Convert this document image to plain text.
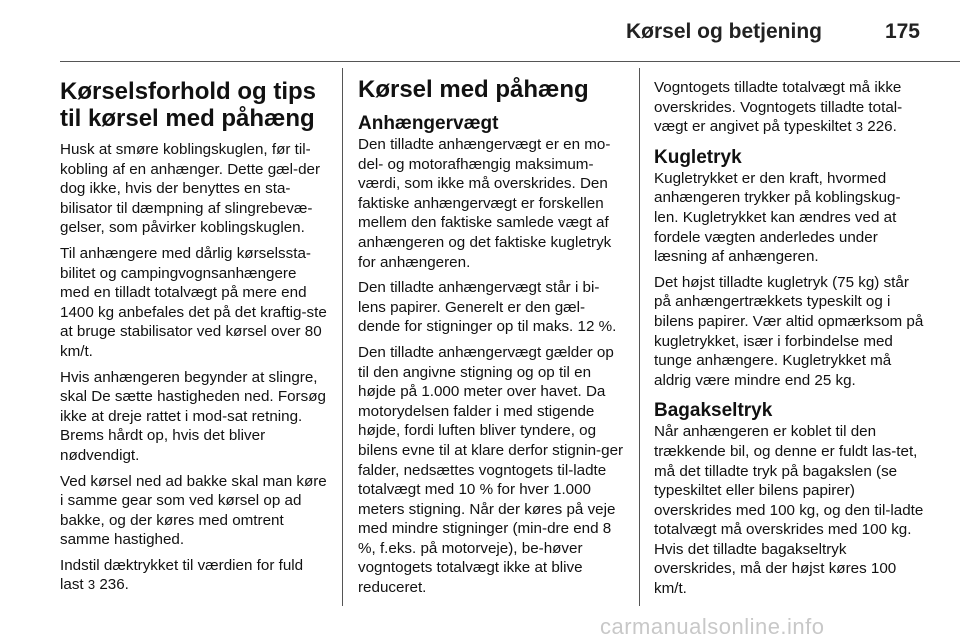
Kørsel og betjening	175
Kørselsforhold og tips til kørsel med påhæng

Husk at smøre koblingskuglen, før til-kobling af en anhænger. Dette gæl-der dog ikke, hvis der benyttes en sta-bilisator til dæmpning af slingrebevæ-gelser, som påvirker koblingskuglen.

Til anhængere med dårlig kørselssta-bilitet og campingvognsanhængere med en tilladt totalvægt på mere end 1400 kg anbefales det på det kraftig-ste at bruge stabilisator ved kørsel over 80 km/t.

Hvis anhængeren begynder at slingre, skal De sætte hastigheden ned. Forsøg ikke at dreje rattet i mod-sat retning. Brems hårdt op, hvis det bliver nødvendigt.

Ved kørsel ned ad bakke skal man køre i samme gear som ved kørsel op ad bakke, og der køres med omtrent samme hastighed.

Indstil dæktrykket til værdien for fuld last 3 236.

Kørsel med påhæng
Anhængervægt

Den tilladte anhængervægt er en mo-del- og motorafhængig maksimum-værdi, som ikke må overskrides. Den faktiske anhængervægt er forskellen mellem den faktiske samlede vægt af anhængeren og det faktiske kugletryk for anhængeren.

Den tilladte anhængervægt står i bi-lens papirer. Generelt er den gæl-dende for stigninger op til maks. 12 %.

Den tilladte anhængervægt gælder op til den angivne stigning og op til en højde på 1.000 meter over havet. Da motorydelsen falder i med stigende højde, fordi luften bliver tyndere, og bilens evne til at klare derfor stignin-ger falder, nedsættes vogntogets til-ladte totalvægt med 10 % for hver 1.000 meters stigning. Når der køres på veje med mindre stigninger (min-dre end 8 %, f.eks. på motorveje), be-høver vogntogets totalvægt ikke at blive reduceret.

Vogntogets tilladte totalvægt må ikke overskrides. Vogntogets tilladte total-vægt er angivet på typeskiltet 3 226.

Kugletryk

Kugletrykket er den kraft, hvormed anhængeren trykker på koblingskug-len. Kugletrykket kan ændres ved at fordele vægten anderledes under læsning af anhængeren.

Det højst tilladte kugletryk (75 kg) står på anhængertrækkets typeskilt og i bilens papirer. Vær altid opmærksom på kugletrykket, især i forbindelse med tunge anhængere. Kugletrykket må aldrig være mindre end 25 kg.

Bagakseltryk

Når anhængeren er koblet til den trækkende bil, og denne er fuldt las-tet, må det tilladte tryk på bagakslen (se typeskiltet eller bilens papirer) overskrides med 100 kg, og den til-ladte totalvægt må overskrides med 100 kg. Hvis det tilladte bagakseltryk overskrides, må der højst køres 100 km/t.

carmanualsonline.info
